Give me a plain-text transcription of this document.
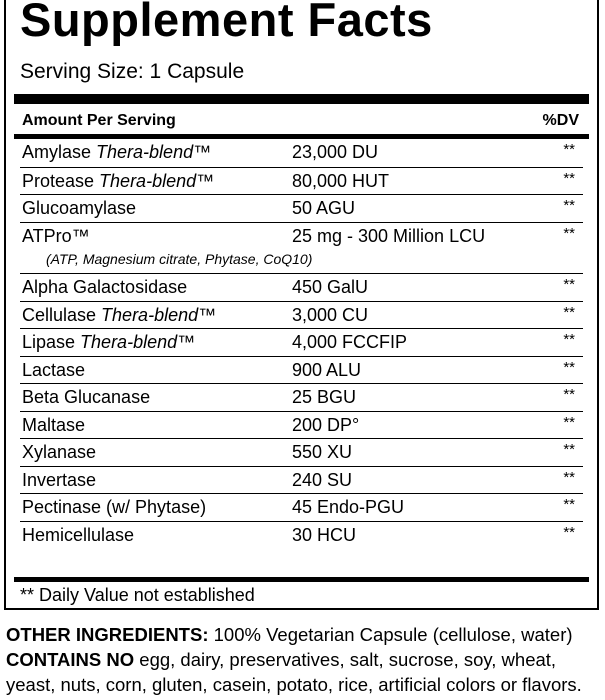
Supplement Facts
Serving Size: 1 Capsule
Amount Per Serving	%DV
Amylase Thera-blend™	23,000 DU	**
Protease Thera-blend™	80,000 HUT	**
Glucoamylase	50 AGU	**
ATPro™	25 mg - 300 Million LCU	**
(ATP, Magnesium citrate, Phytase, CoQ10)
Alpha Galactosidase	450 GalU	**
Cellulase Thera-blend™	3,000 CU	**
Lipase Thera-blend™	4,000 FCCFIP	**
Lactase	900 ALU	**
Beta Glucanase	25 BGU	**
Maltase	200 DP°	**
Xylanase	550 XU	**
Invertase	240 SU	**
Pectinase (w/ Phytase)	45 Endo-PGU	**
Hemicellulase	30 HCU	**
** Daily Value not established
OTHER INGREDIENTS: 100% Vegetarian Capsule (cellulose, water)
CONTAINS NO egg, dairy, preservatives, salt, sucrose, soy, wheat, yeast, nuts, corn, gluten, casein, potato, rice, artificial colors or flavors.
